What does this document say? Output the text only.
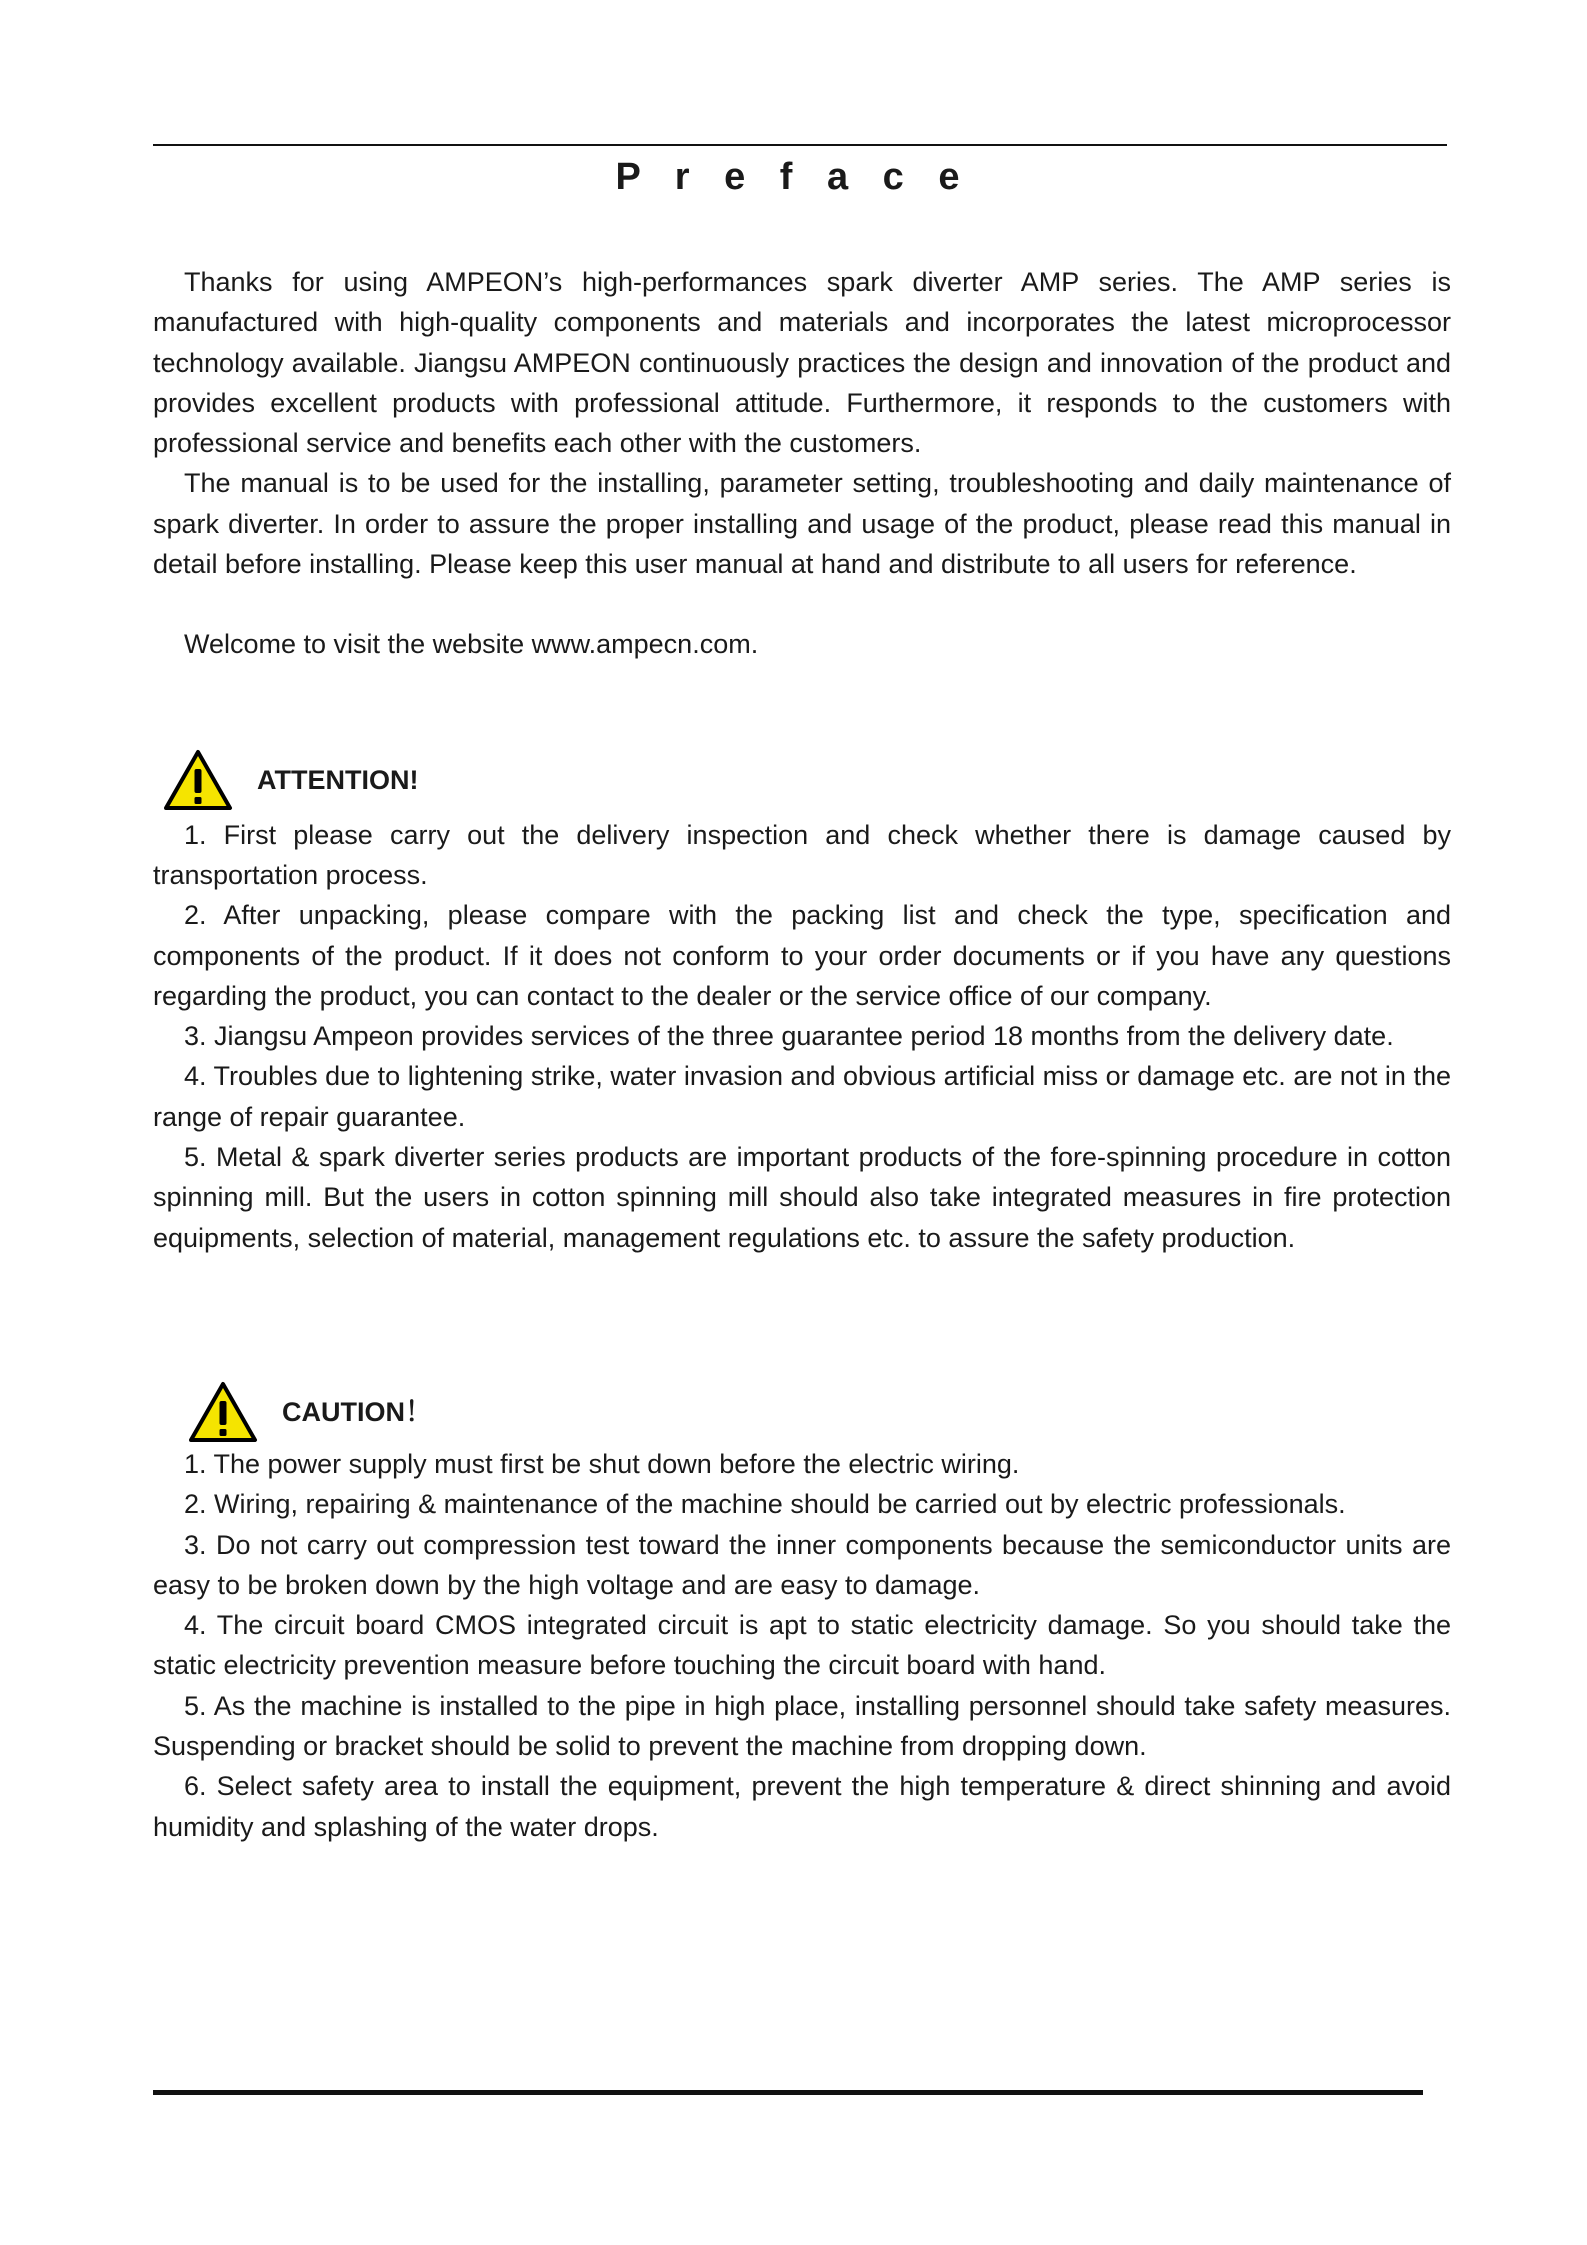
P r e f a c e

Thanks for using AMPEON’s high-performances spark diverter AMP series. The AMP series is manufactured with high-quality components and materials and incorporates the latest microprocessor technology available. Jiangsu AMPEON continuously practices the design and innovation of the product and provides excellent products with professional attitude. Furthermore, it responds to the customers with professional service and benefits each other with the customers.

The manual is to be used for the installing, parameter setting, troubleshooting and daily maintenance of spark diverter. In order to assure the proper installing and usage of the product, please read this manual in detail before installing. Please keep this user manual at hand and distribute to all users for reference.

Welcome to visit the website www.ampecn.com.

ATTENTION!

1. First please carry out the delivery inspection and check whether there is damage caused by transportation process.

2. After unpacking, please compare with the packing list and check the type, specification and components of the product. If it does not conform to your order documents or if you have any questions regarding the product, you can contact to the dealer or the service office of our company.

3. Jiangsu Ampeon provides services of the three guarantee period 18 months from the delivery date.

4. Troubles due to lightening strike, water invasion and obvious artificial miss or damage etc. are not in the range of repair guarantee.

5. Metal & spark diverter series products are important products of the fore-spinning procedure in cotton spinning mill. But the users in cotton spinning mill should also take integrated measures in fire protection equipments, selection of material, management regulations etc. to assure the safety production.

CAUTION！

1. The power supply must first be shut down before the electric wiring.

2. Wiring, repairing & maintenance of the machine should be carried out by electric professionals.

3. Do not carry out compression test toward the inner components because the semiconductor units are easy to be broken down by the high voltage and are easy to damage.

4. The circuit board CMOS integrated circuit is apt to static electricity damage. So you should take the static electricity prevention measure before touching the circuit board with hand.

5. As the machine is installed to the pipe in high place, installing personnel should take safety measures. Suspending or bracket should be solid to prevent the machine from dropping down.

6. Select safety area to install the equipment, prevent the high temperature & direct shinning and avoid humidity and splashing of the water drops.
